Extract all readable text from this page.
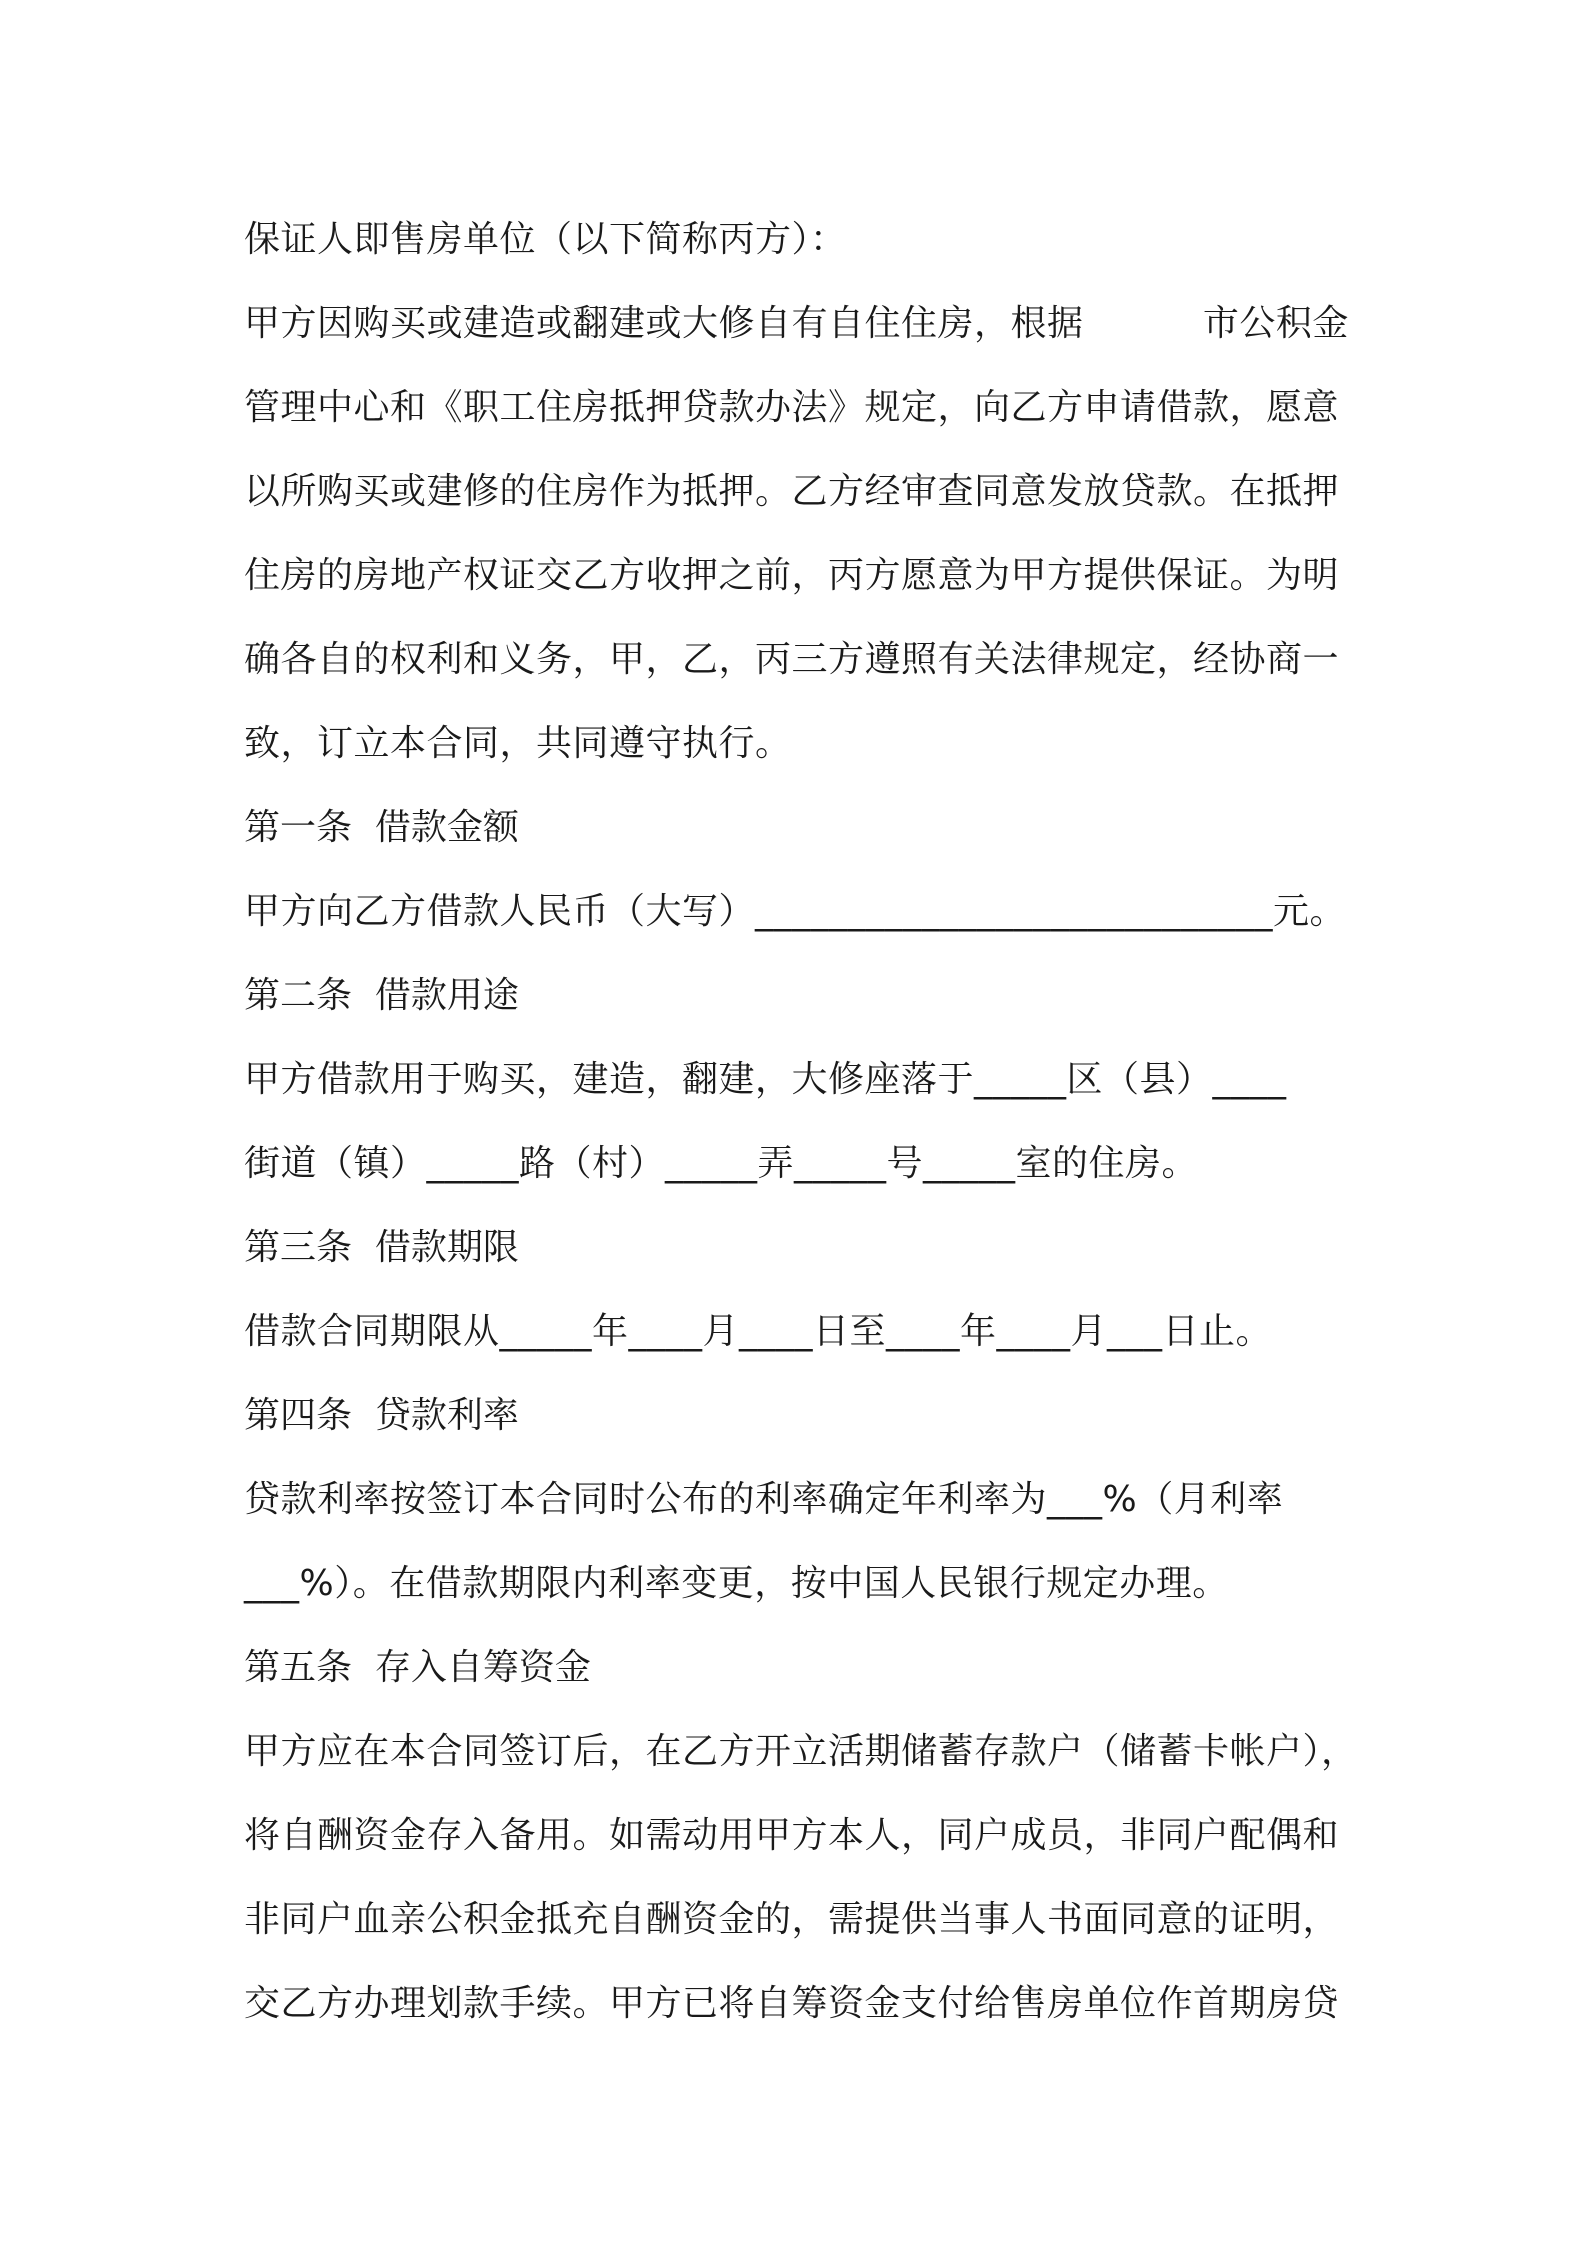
保证人即售房单位（以下简称丙方）：
甲方因购买或建造或翻建或大修自有自住住房，根据          市公积金
管理中心和《职工住房抵押贷款办法》规定，向乙方申请借款，愿意
以所购买或建修的住房作为抵押。乙方经审查同意发放贷款。在抵押
住房的房地产权证交乙方收押之前，丙方愿意为甲方提供保证。为明
确各自的权利和义务，甲，乙，丙三方遵照有关法律规定，经协商一
致，订立本合同，共同遵守执行。
第一条  借款金额
甲方向乙方借款人民币（大写）____________________________元。
第二条  借款用途
甲方借款用于购买，建造，翻建，大修座落于_____区（县）____
街道（镇）_____路（村）_____弄_____号_____室的住房。
第三条  借款期限
借款合同期限从_____年____月____日至____年____月___日止。
第四条  贷款利率
贷款利率按签订本合同时公布的利率确定年利率为___%（月利率
___%）。在借款期限内利率变更，按中国人民银行规定办理。
第五条  存入自筹资金
甲方应在本合同签订后，在乙方开立活期储蓄存款户（储蓄卡帐户），
将自酬资金存入备用。如需动用甲方本人，同户成员，非同户配偶和
非同户血亲公积金抵充自酬资金的，需提供当事人书面同意的证明，
交乙方办理划款手续。甲方已将自筹资金支付给售房单位作首期房贷
